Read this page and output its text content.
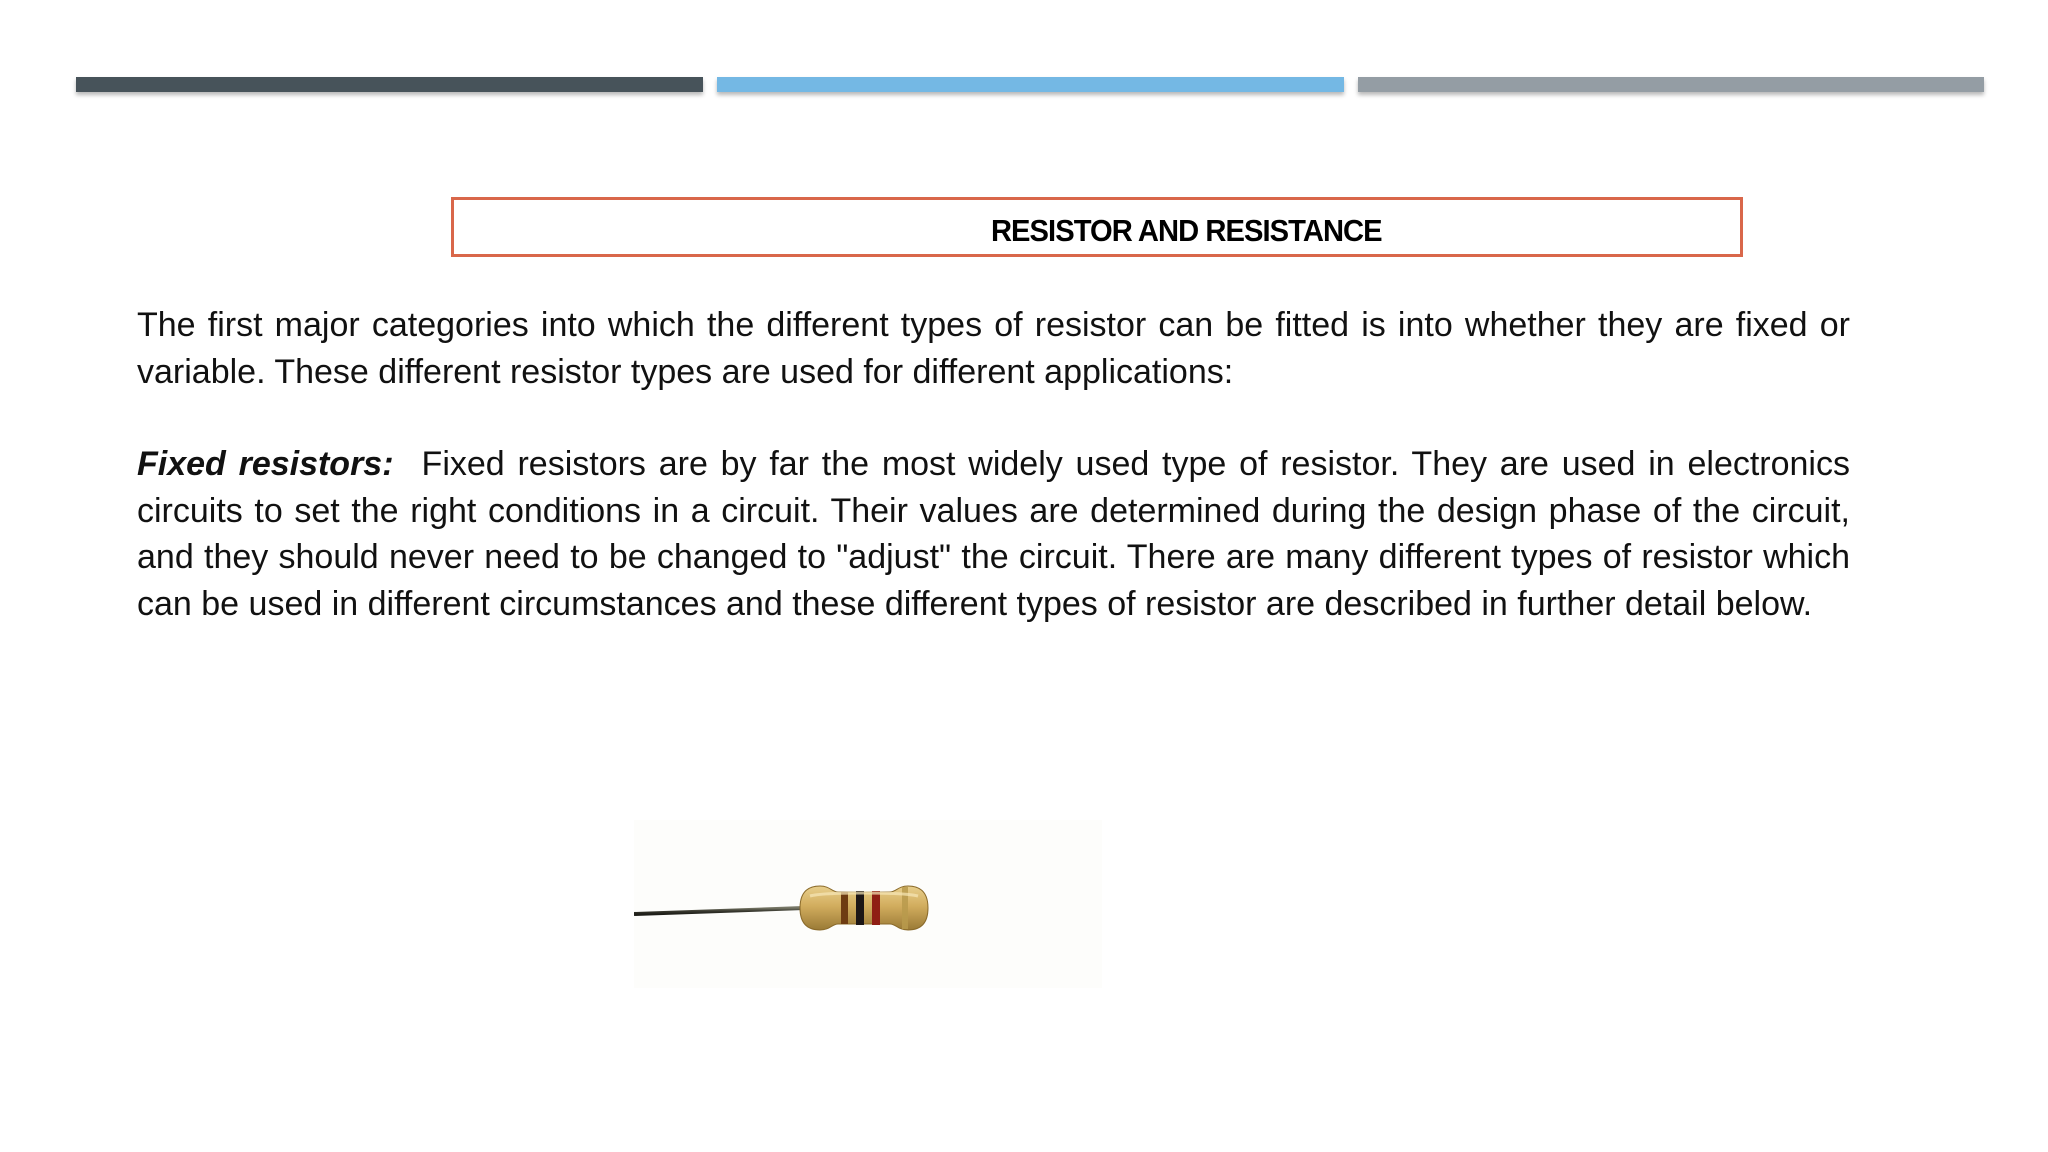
RESISTOR AND RESISTANCE

The first major categories into which the different types of resistor can be fitted is into whether they are fixed or variable. These different resistor types are used for different applications:

Fixed resistors: Fixed resistors are by far the most widely used type of resistor. They are used in electronics circuits to set the right conditions in a circuit. Their values are determined during the design phase of the circuit, and they should never need to be changed to "adjust" the circuit. There are many different types of resistor which can be used in different circumstances and these different types of resistor are described in further detail below.
